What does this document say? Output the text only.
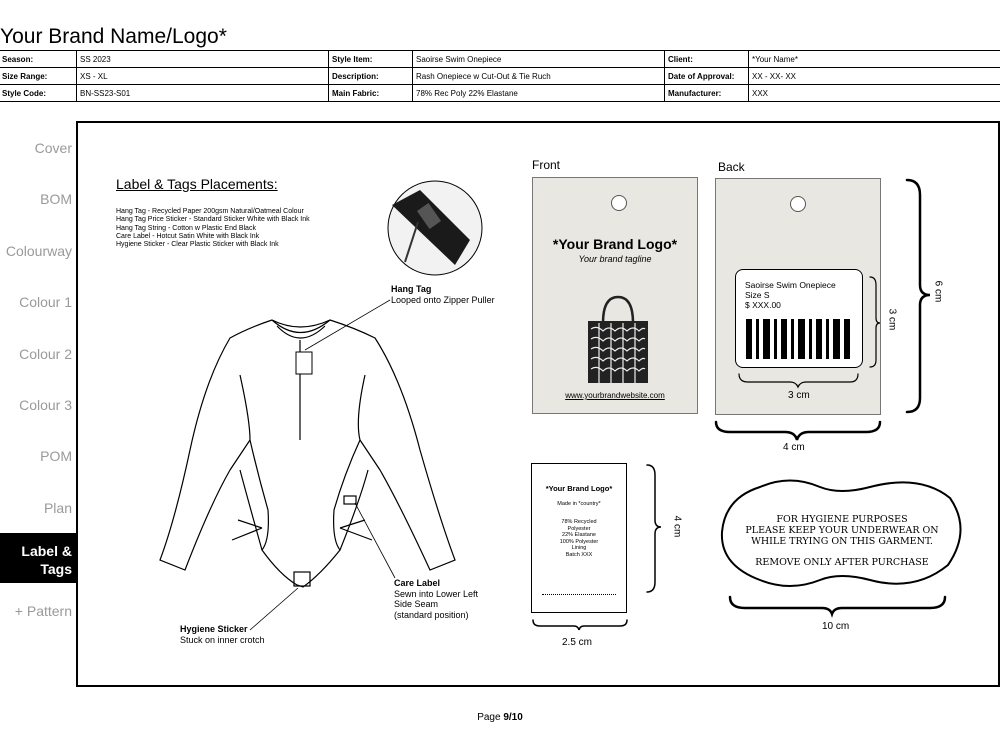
Your Brand Name/Logo*
Season:	SS 2023	Style Item:	Saoirse Swim Onepiece	Client:	*Your Name*
Size Range:	XS - XL	Description:	Rash Onepiece w Cut-Out & Tie Ruch	Date of Approval:	XX - XX- XX
Style Code:	BN-SS23-S01	Main Fabric:	78% Rec Poly 22% Elastane	Manufacturer:	XXX
Cover
BOM
Colourway
Colour 1
Colour 2
Colour 3
POM
Plan
Label &
Tags
+ Pattern
Label & Tags Placements:
Hang Tag - Recycled Paper 200gsm Natural/Oatmeal Colour
Hang Tag Price Sticker - Standard Sticker White with Black Ink
Hang Tag String - Cotton w Plastic End Black
Care Label - Hotcut Satin White with Black Ink
Hygiene Sticker - Clear Plastic Sticker with Black Ink
Hang Tag
Looped onto Zipper Puller
Care Label
Sewn into Lower Left
Side Seam
(standard position)
Hygiene Sticker
Stuck on inner crotch
Front
*Your Brand Logo*
Your brand tagline
www.yourbrandwebsite.com
Back
Saoirse Swim Onepiece
Size S
$ XXX.00
6 cm
3 cm
3 cm
4 cm
*Your Brand Logo*
Made in *country*
78% Recycled
Polyester
22% Elastane
100% Polyester
Lining
Batch XXX
4 cm
2.5 cm
FOR HYGIENE PURPOSES
PLEASE KEEP YOUR UNDERWEAR ON
WHILE TRYING ON THIS GARMENT.
REMOVE ONLY AFTER PURCHASE
10 cm
Page 9/10
